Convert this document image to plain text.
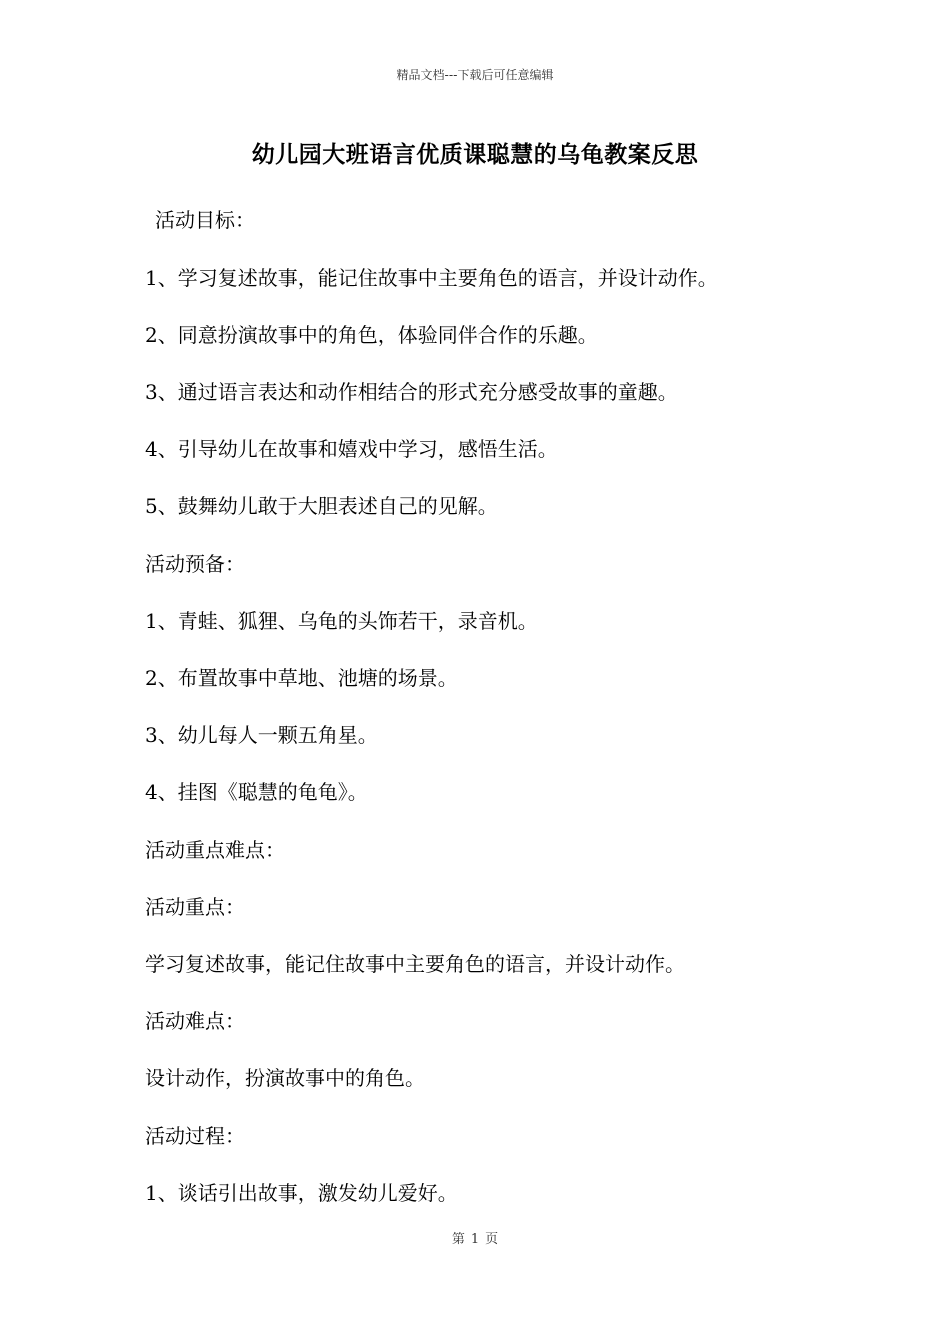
精品文档---下载后可任意编辑
幼儿园大班语言优质课聪慧的乌龟教案反思
活动目标：
1、学习复述故事，能记住故事中主要角色的语言，并设计动作。
2、同意扮演故事中的角色，体验同伴合作的乐趣。
3、通过语言表达和动作相结合的形式充分感受故事的童趣。
4、引导幼儿在故事和嬉戏中学习，感悟生活。
5、鼓舞幼儿敢于大胆表述自己的见解。
活动预备：
1、青蛙、狐狸、乌龟的头饰若干，录音机。
2、布置故事中草地、池塘的场景。
3、幼儿每人一颗五角星。
4、挂图《聪慧的龟龟》。
活动重点难点：
活动重点：
学习复述故事，能记住故事中主要角色的语言，并设计动作。
活动难点：
设计动作，扮演故事中的角色。
活动过程：
1、谈话引出故事，激发幼儿爱好。
第 1 页
